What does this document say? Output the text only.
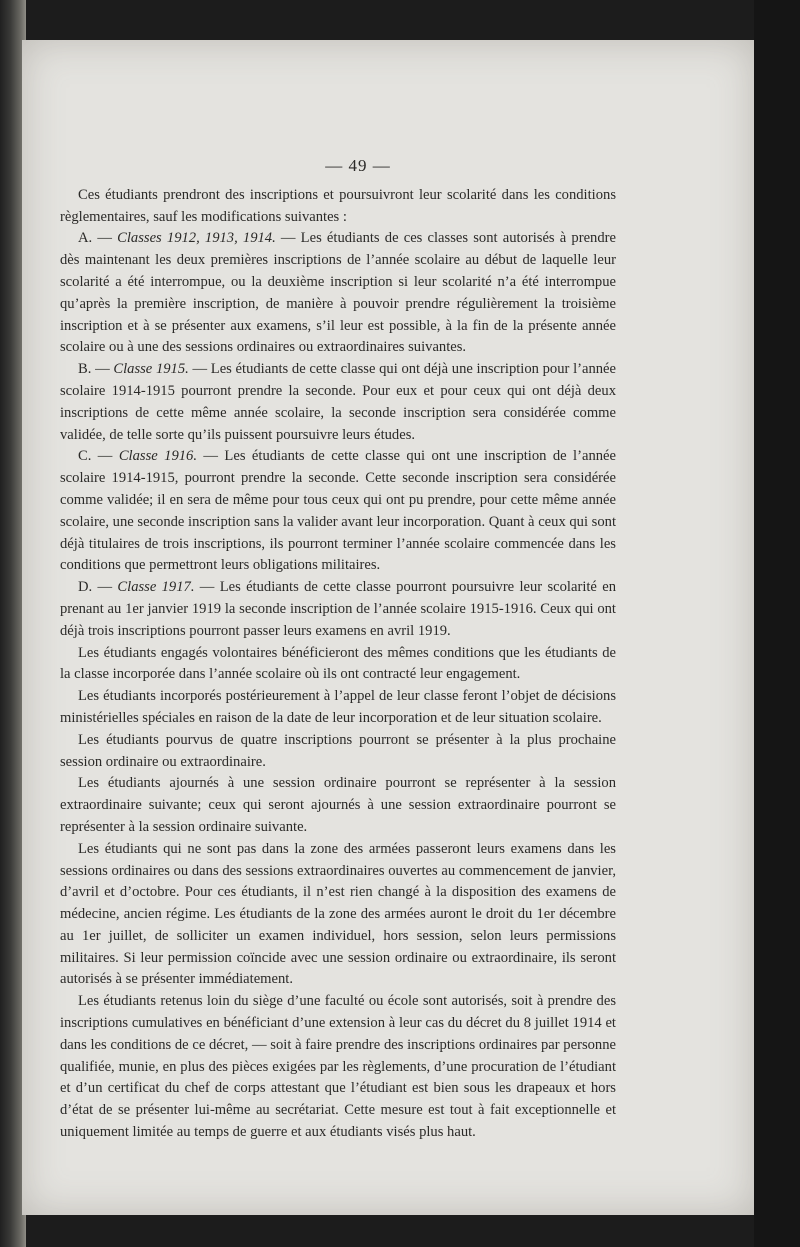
— 49 —

Ces étudiants prendront des inscriptions et poursuivront leur scolarité dans les conditions règlementaires, sauf les modifications suivantes :

A. — Classes 1912, 1913, 1914. — Les étudiants de ces classes sont autorisés à prendre dès maintenant les deux premières inscriptions de l’année scolaire au début de laquelle leur scolarité a été interrompue, ou la deuxième inscription si leur scolarité n’a été interrompue qu’après la première inscription, de manière à pouvoir prendre régulièrement la troisième inscription et à se présenter aux examens, s’il leur est possible, à la fin de la présente année scolaire ou à une des sessions ordinaires ou extraordinaires suivantes.

B. — Classe 1915. — Les étudiants de cette classe qui ont déjà une inscription pour l’année scolaire 1914-1915 pourront prendre la seconde. Pour eux et pour ceux qui ont déjà deux inscriptions de cette même année scolaire, la seconde inscription sera considérée comme validée, de telle sorte qu’ils puissent poursuivre leurs études.

C. — Classe 1916. — Les étudiants de cette classe qui ont une inscription de l’année scolaire 1914-1915, pourront prendre la seconde. Cette seconde inscription sera considérée comme validée; il en sera de même pour tous ceux qui ont pu prendre, pour cette même année scolaire, une seconde inscription sans la valider avant leur incorporation. Quant à ceux qui sont déjà titulaires de trois inscriptions, ils pourront terminer l’année scolaire commencée dans les conditions que permettront leurs obligations militaires.

D. — Classe 1917. — Les étudiants de cette classe pourront poursuivre leur scolarité en prenant au 1er janvier 1919 la seconde inscription de l’année scolaire 1915-1916. Ceux qui ont déjà trois inscriptions pourront passer leurs examens en avril 1919.

Les étudiants engagés volontaires bénéficieront des mêmes conditions que les étudiants de la classe incorporée dans l’année scolaire où ils ont contracté leur engagement.

Les étudiants incorporés postérieurement à l’appel de leur classe feront l’objet de décisions ministérielles spéciales en raison de la date de leur incorporation et de leur situation scolaire.

Les étudiants pourvus de quatre inscriptions pourront se présenter à la plus prochaine session ordinaire ou extraordinaire.

Les étudiants ajournés à une session ordinaire pourront se représenter à la session extraordinaire suivante; ceux qui seront ajournés à une session extraordinaire pourront se représenter à la session ordinaire suivante.

Les étudiants qui ne sont pas dans la zone des armées passeront leurs examens dans les sessions ordinaires ou dans des sessions extraordinaires ouvertes au commencement de janvier, d’avril et d’octobre. Pour ces étudiants, il n’est rien changé à la disposition des examens de médecine, ancien régime. Les étudiants de la zone des armées auront le droit du 1er décembre au 1er juillet, de solliciter un examen individuel, hors session, selon leurs permissions militaires. Si leur permission coïncide avec une session ordinaire ou extraordinaire, ils seront autorisés à se présenter immédiatement.

Les étudiants retenus loin du siège d’une faculté ou école sont autorisés, soit à prendre des inscriptions cumulatives en bénéficiant d’une extension à leur cas du décret du 8 juillet 1914 et dans les conditions de ce décret, — soit à faire prendre des inscriptions ordinaires par personne qualifiée, munie, en plus des pièces exigées par les règlements, d’une procuration de l’étudiant et d’un certificat du chef de corps attestant que l’étudiant est bien sous les drapeaux et hors d’état de se présenter lui-même au secrétariat. Cette mesure est tout à fait exceptionnelle et uniquement limitée au temps de guerre et aux étudiants visés plus haut.
